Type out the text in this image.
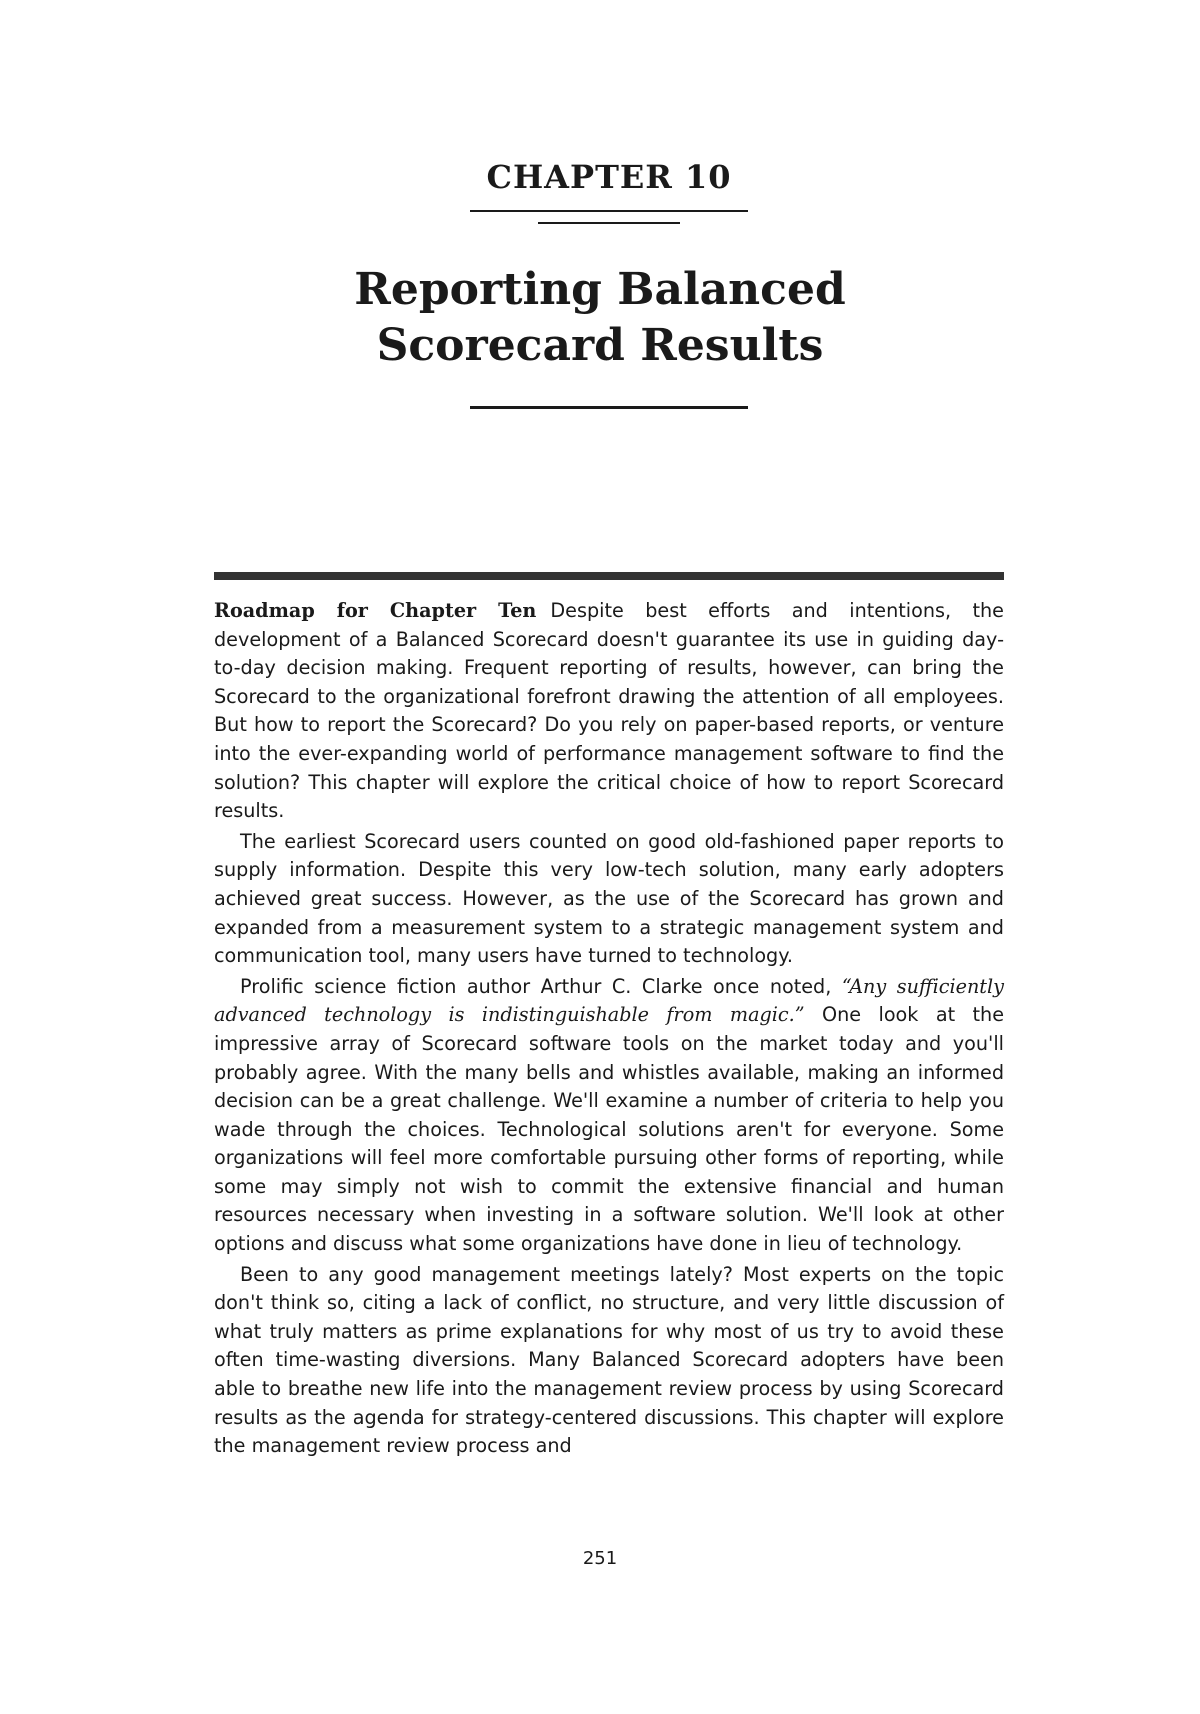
CHAPTER 10
Reporting Balanced
Scorecard Results

Roadmap for Chapter Ten Despite best efforts and intentions, the development of a Balanced Scorecard doesn't guarantee its use in guiding day-to-day decision making. Frequent reporting of results, however, can bring the Scorecard to the organizational forefront drawing the attention of all employees. But how to report the Scorecard? Do you rely on paper-based reports, or venture into the ever-expanding world of performance management software to find the solution? This chapter will explore the critical choice of how to report Scorecard results.

The earliest Scorecard users counted on good old-fashioned paper reports to supply information. Despite this very low-tech solution, many early adopters achieved great success. However, as the use of the Scorecard has grown and expanded from a measurement system to a strategic management system and communication tool, many users have turned to technology.

Prolific science fiction author Arthur C. Clarke once noted, “Any sufficiently advanced technology is indistinguishable from magic.” One look at the impressive array of Scorecard software tools on the market today and you'll probably agree. With the many bells and whistles available, making an informed decision can be a great challenge. We'll examine a number of criteria to help you wade through the choices. Technological solutions aren't for everyone. Some organizations will feel more comfortable pursuing other forms of reporting, while some may simply not wish to commit the extensive financial and human resources necessary when investing in a software solution. We'll look at other options and discuss what some organizations have done in lieu of technology.

Been to any good management meetings lately? Most experts on the topic don't think so, citing a lack of conflict, no structure, and very little discussion of what truly matters as prime explanations for why most of us try to avoid these often time-wasting diversions. Many Balanced Scorecard adopters have been able to breathe new life into the management review process by using Scorecard results as the agenda for strategy-centered discussions. This chapter will explore the management review process and

251
